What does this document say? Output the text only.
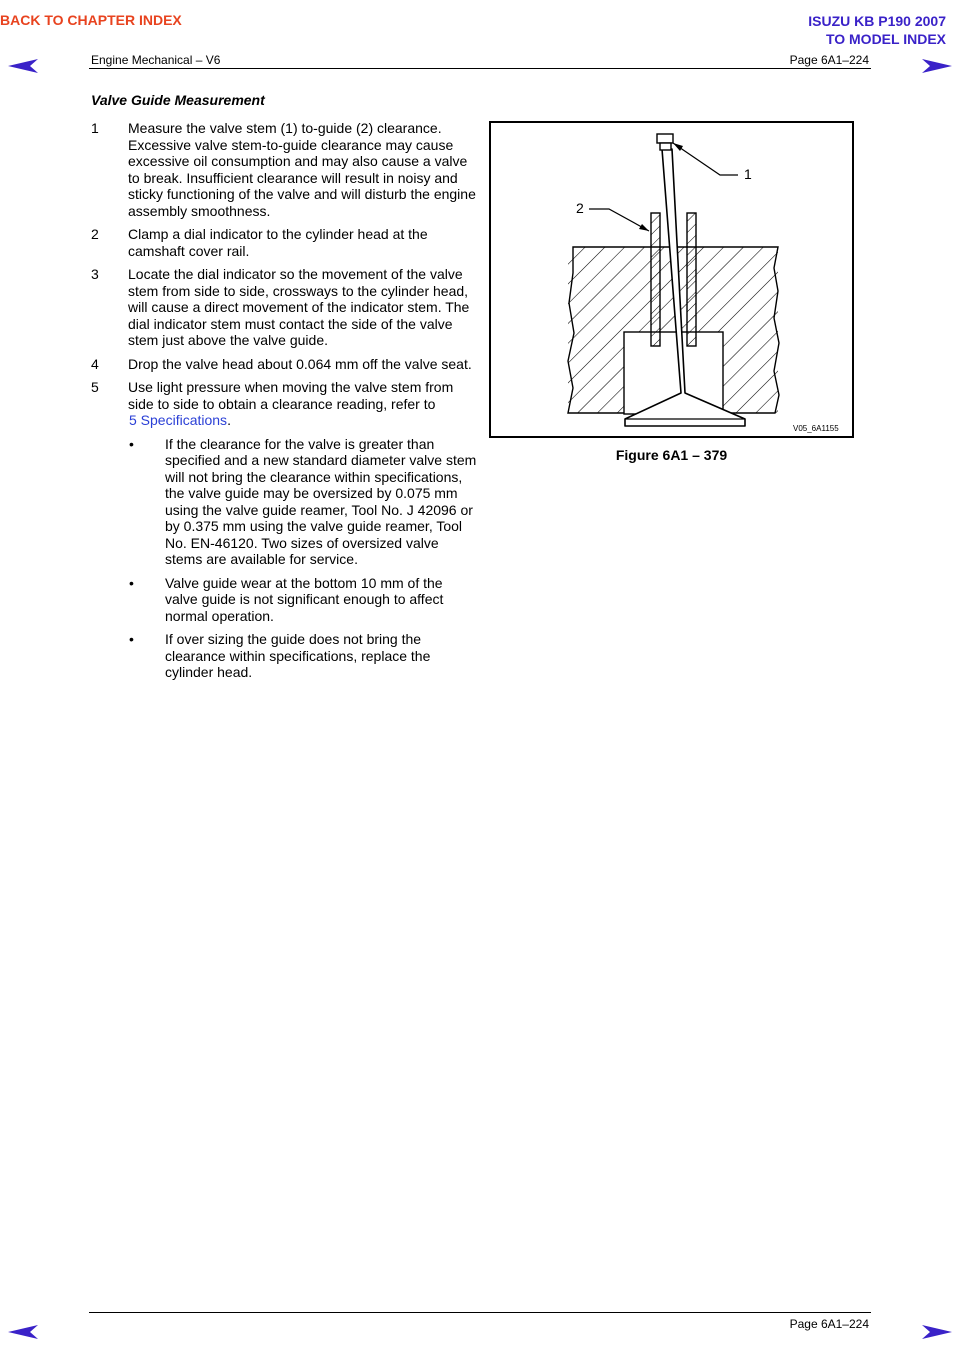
BACK TO CHAPTER INDEX	ISUZU KB P190 2007
TO MODEL INDEX
Engine Mechanical – V6	Page 6A1–224
Valve Guide Measurement
1	Measure the valve stem (1) to-guide (2) clearance. Excessive valve stem-to-guide clearance may cause excessive oil consumption and may also cause a valve to break. Insufficient clearance will result in noisy and sticky functioning of the valve and will disturb the engine assembly smoothness.
2	Clamp a dial indicator to the cylinder head at the camshaft cover rail.
3	Locate the dial indicator so the movement of the valve stem from side to side, crossways to the cylinder head, will cause a direct movement of the indicator stem. The dial indicator stem must contact the side of the valve stem just above the valve guide.
4	Drop the valve head about 0.064 mm off the valve seat.
5	Use light pressure when moving the valve stem from side to side to obtain a clearance reading, refer to
5 Specifications.
•	If the clearance for the valve is greater than specified and a new standard diameter valve stem will not bring the clearance within specifications, the valve guide may be oversized by 0.075 mm using the valve guide reamer, Tool No. J 42096 or by 0.375 mm using the valve guide reamer, Tool No. EN-46120. Two sizes of oversized valve stems are available for service.
•	Valve guide wear at the bottom 10 mm of the valve guide is not significant enough to affect normal operation.
•	If over sizing the guide does not bring the clearance within specifications, replace the cylinder head.
1
2
V05_6A1155
Figure 6A1 – 379
Page 6A1–224
